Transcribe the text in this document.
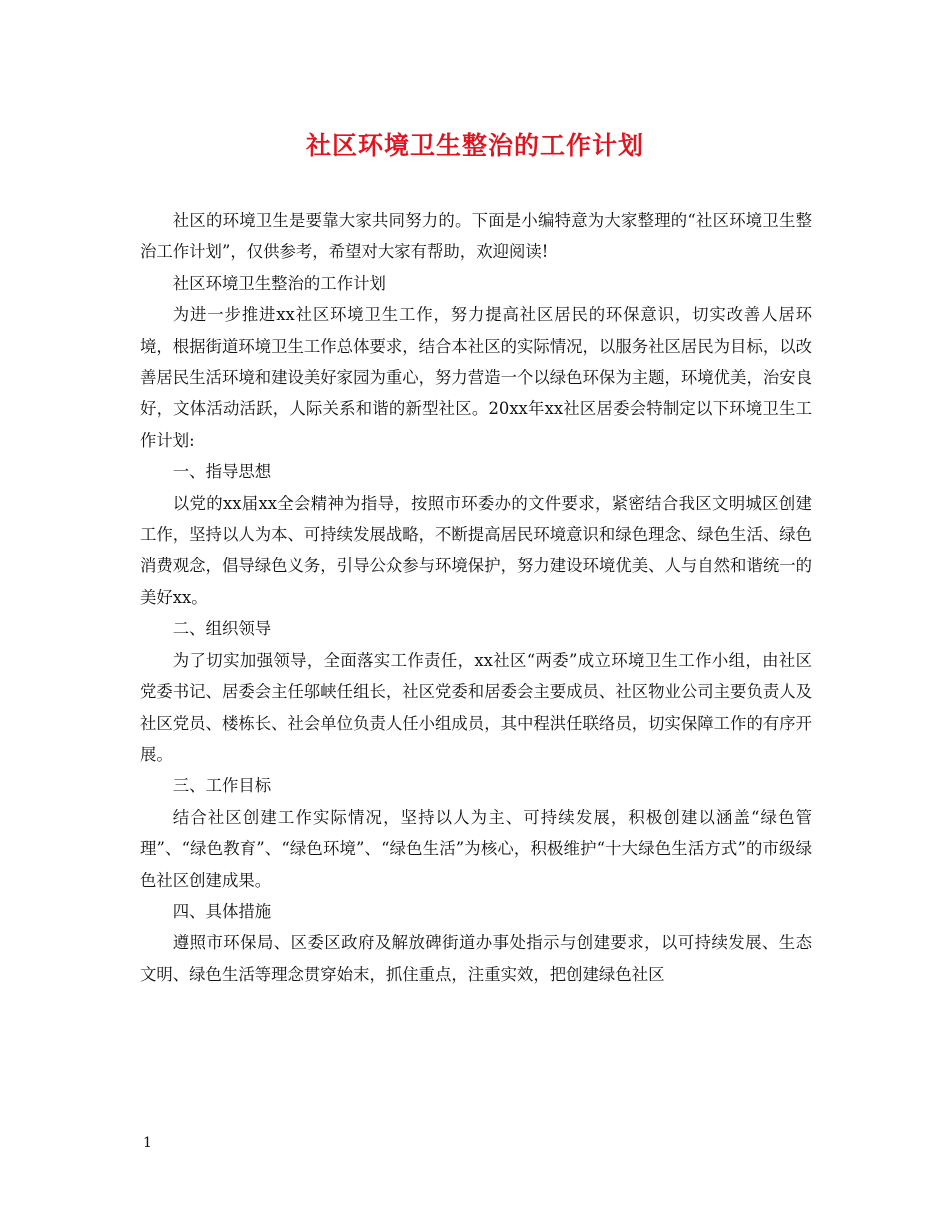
社区环境卫生整治的工作计划

社区的环境卫生是要靠大家共同努力的。下面是小编特意为大家整理的“社区环境卫生整治工作计划”，仅供参考，希望对大家有帮助，欢迎阅读!

社区环境卫生整治的工作计划

为进一步推进xx社区环境卫生工作，努力提高社区居民的环保意识，切实改善人居环境，根据街道环境卫生工作总体要求，结合本社区的实际情况，以服务社区居民为目标，以改善居民生活环境和建设美好家园为重心，努力营造一个以绿色环保为主题，环境优美，治安良好，文体活动活跃，人际关系和谐的新型社区。20xx年xx社区居委会特制定以下环境卫生工作计划:

一、指导思想

以党的xx届xx全会精神为指导，按照市环委办的文件要求，紧密结合我区文明城区创建工作，坚持以人为本、可持续发展战略，不断提高居民环境意识和绿色理念、绿色生活、绿色消费观念，倡导绿色义务，引导公众参与环境保护，努力建设环境优美、人与自然和谐统一的美好xx。

二、组织领导

为了切实加强领导，全面落实工作责任，xx社区“两委”成立环境卫生工作小组，由社区党委书记、居委会主任邬峡任组长，社区党委和居委会主要成员、社区物业公司主要负责人及社区党员、楼栋长、社会单位负责人任小组成员，其中程洪任联络员，切实保障工作的有序开展。

三、工作目标

结合社区创建工作实际情况，坚持以人为主、可持续发展，积极创建以涵盖“绿色管理”、“绿色教育”、“绿色环境”、“绿色生活”为核心，积极维护“十大绿色生活方式”的市级绿色社区创建成果。

四、具体措施

遵照市环保局、区委区政府及解放碑街道办事处指示与创建要求，以可持续发展、生态文明、绿色生活等理念贯穿始末，抓住重点，注重实效，把创建绿色社区

1
